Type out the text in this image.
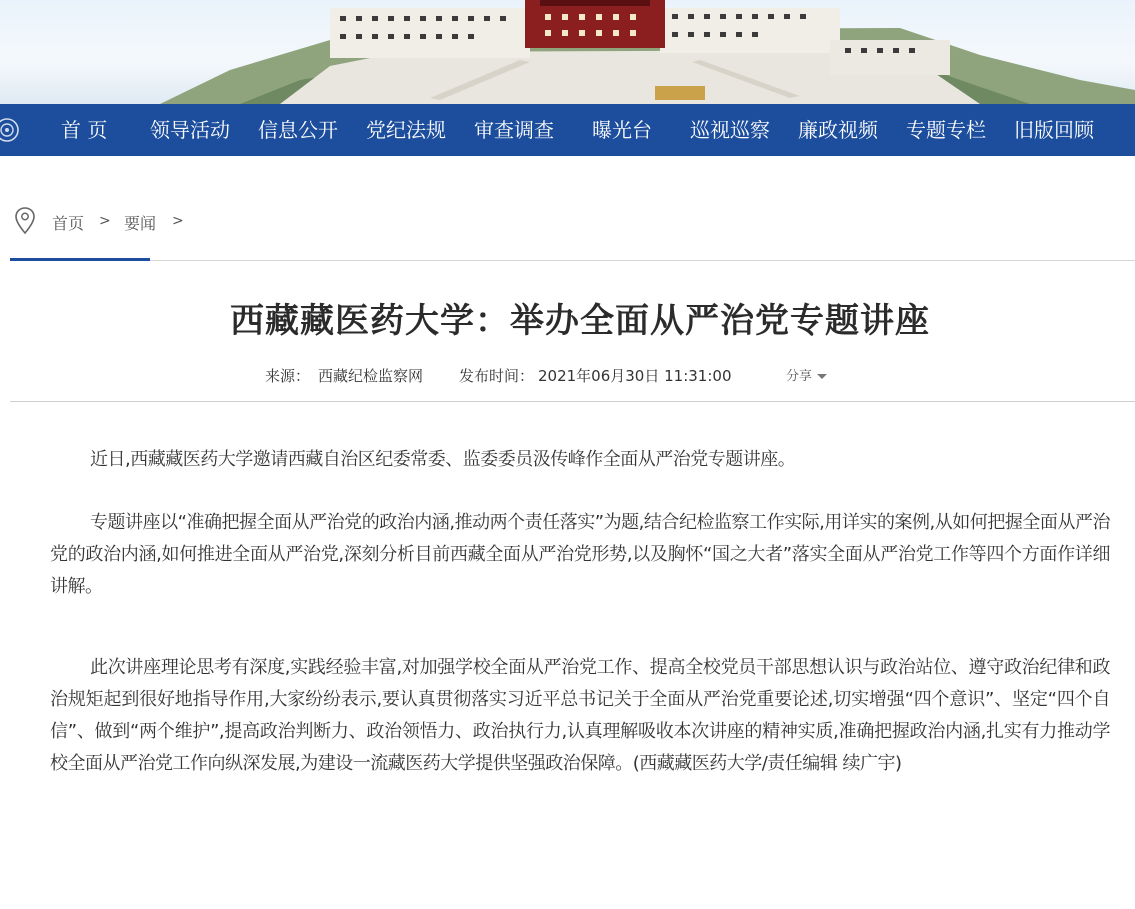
首 页 领导活动 信息公开 党纪法规 审查调查 曝光台 巡视巡察 廉政视频 专题专栏 旧版回顾
首页 > 要闻 >
西藏藏医药大学：举办全面从严治党专题讲座
来源： 西藏纪检监察网 发布时间： 2021年06月30日 11:31:00	分享

近日,西藏藏医药大学邀请西藏自治区纪委常委、监委委员汲传峰作全面从严治党专题讲座。

专题讲座以“准确把握全面从严治党的政治内涵,推动两个责任落实”为题,结合纪检监察工作实际,用详实的案例,从如何把握全面从严治党的政治内涵,如何推进全面从严治党,深刻分析目前西藏全面从严治党形势,以及胸怀“国之大者”落实全面从严治党工作等四个方面作详细讲解。

此次讲座理论思考有深度,实践经验丰富,对加强学校全面从严治党工作、提高全校党员干部思想认识与政治站位、遵守政治纪律和政治规矩起到很好地指导作用,大家纷纷表示,要认真贯彻落实习近平总书记关于全面从严治党重要论述,切实增强“四个意识”、坚定“四个自信”、做到“两个维护”,提高政治判断力、政治领悟力、政治执行力,认真理解吸收本次讲座的精神实质,准确把握政治内涵,扎实有力推动学校全面从严治党工作向纵深发展,为建设一流藏医药大学提供坚强政治保障。(西藏藏医药大学/责任编辑 续广宇)
